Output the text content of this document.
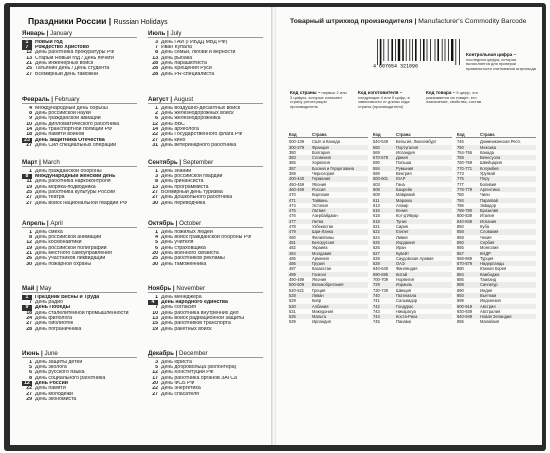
Праздники России | Russian Holidays
Январь | January
1	Новый год
7	Рождество Христово
12 День работника прокуратуры РФ
13 Старый Новый год / День печати
21 День инженерных войск
25 Татьянин день / День студента
27 Всемирный день таможни
Февраль | February
4 Международный день борьбы
8 День российской науки
9 День гражданской авиации
10 День дипломатического работника
14 День транспортной полиции РФ
18 День памяти воинов
23 День защитника Отечества
27 День Сил специальных операций
Март | March
1 День гражданской обороны
8	Международный женский день
11 День работника наркоконтроля
19 День моряка-подводника
25 День работника культуры России
27 День театра
27 День войск национальной гвардии РФ
Апрель | April
1 День смеха
8 День российской анимации
12 День космонавтики
19 День российской полиграфии
21 День местного самоуправления
26 День участников ликвидации
30 День пожарной охраны
Май | May
1	Праздник Весны и Труда
7 День радио
9	День Победы
18 День сталелитейной промышленности
24 День филолога
27 День библиотек
28 День пограничника
Июнь | June
1 День защиты детей
5 День эколога
6 День русского языка
8 День социального работника
12 День России
22 День памяти
27 День молодёжи
29 День экономиста
Июль | July
3 День ГАИ (ГИБДД МВД РФ)
7 Иван Купала
8 День семьи, любви и верности
13 День рыбака
28 День парашютиста
28 День Крещения Руси
28 День PR-специалиста
Август | August
1 День воздушно-десантных войск
2 День железнодорожных войск
6 День железнодорожника
12 День ВВС
14 День археолога
22 День Государственного флага РФ
27 День кино
31 День ветеринарного работника
Сентябрь | September
1 День знаний
3 День российской гвардии
8 День финансиста
13 День программиста
27 Всемирный день туризма
27 День дошкольного работника
30 День переводчика
Октябрь | October
1 День пожилых людей
4 День войск гражданской обороны РФ
5 День учителя
6 День страховщика
20 День военного связиста
25 День работников рекламы
30 День таможенника
Ноябрь | November
1 День менеджера
4	День народного единства
7 День согласия
10 День работника внутренних дел
13 День войск радиационной защиты
15 День работников транспорта
19 День ракетных войск
Декабрь | December
3 День юриста
5 День добровольца (волонтёра)
12 День Конституции РФ
17 День работника органов ЗАГСа
20 День ФСБ РФ
22 День энергетика
27 День спасателя
Товарный штрихкод производителя | Manufacturer's Commodity Barcode
4 607654 321096
Контрольная цифра – последняя цифра, которая вычисляется для проверки правильности считывания штрихкода
Код страны – первые 2 или 3 цифры, которые означают страну регистрации производителя
Код изготовителя – следующие 4 или 5 цифр, в зависимости от длины кода страны (производителя)
Код товара – 5 цифр, что указывается на товаре, его назначение, свойства, состав
Код	Страна
000-139	США и Канада
300-379	Франция
380	Болгария
383	Словения
385	Хорватия
387	Босния и Герцеговина
389	Черногория
400-440	Германия
450-459	Япония
460-469	Россия
470	Киргизия
471	Тайвань
474	Эстония
475	Латвия
476	Азербайджан
477	Литва
478	Узбекистан
479	Шри-Ланка
480	Филиппины
481	Белоруссия
482	Украина
484	Молдавия
485	Армения
486	Грузия
487	Казахстан
489	Гонконг
490-499	Япония
500-509	Великобритания
520-521	Греция
528	Ливан
529	Кипр
530	Албания
531	Македония
535	Мальта
539	Ирландия
Код	Страна
540-549	Бельгия, Люксембург
560	Португалия
569	Исландия
570-579	Дания
590	Польша
594	Румыния
599	Венгрия
600-601	ЮАР
603	Гана
608	Бахрейн
609	Маврикий
611	Марокко
613	Алжир
616	Кения
618	Кот-д'Ивуар
619	Тунис
621	Сирия
622	Египет
624	Ливия
625	Иордания
626	Иран
627	Кувейт
628	Саудовская Аравия
629	ОАЭ
640-649	Финляндия
690-695	Китай
700-709	Норвегия
729	Израиль
730-739	Швеция
740	Гватемала
741	Сальвадор
742	Гондурас
743	Никарагуа
744	Коста-Рика
745	Панама
Код	Страна
746	Доминиканская Респ.
750	Мексика
754-755	Канада
759	Венесуэла
760-769	Швейцария
770-771	Колумбия
773	Уругвай
775	Перу
777	Боливия
778-779	Аргентина
780	Чили
784	Парагвай
786	Эквадор
789-790	Бразилия
800-839	Италия
840-849	Испания
850	Куба
858	Словакия
859	Чехия
860	Сербия
865	Монголия
867	КНДР
868-869	Турция
870-879	Нидерланды
880	Южная Корея
884	Камбоджа
885	Таиланд
888	Сингапур
890	Индия
893	Вьетнам
899	Индонезия
900-919	Австрия
930-939	Австралия
940-949	Новая Зеландия
955	Малайзия
